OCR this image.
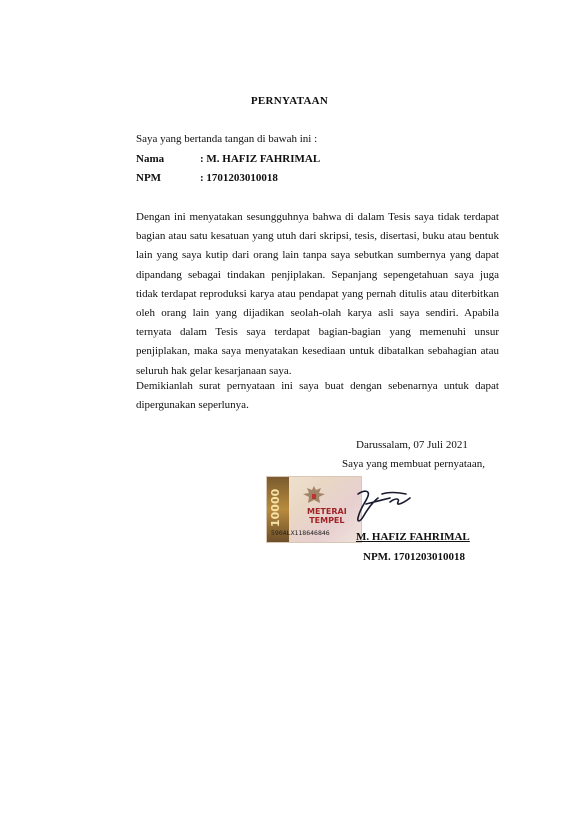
PERNYATAAN
Saya yang bertanda tangan di bawah ini :
Nama	: M. HAFIZ FAHRIMAL
NPM	: 1701203010018
Dengan ini menyatakan sesungguhnya bahwa di dalam Tesis saya tidak terdapat bagian atau satu kesatuan yang utuh dari skripsi, tesis, disertasi, buku atau bentuk lain yang saya kutip dari orang lain tanpa saya sebutkan sumbernya yang dapat dipandang sebagai tindakan penjiplakan. Sepanjang sepengetahuan saya juga tidak terdapat reproduksi karya atau pendapat yang pernah ditulis atau diterbitkan oleh orang lain yang dijadikan seolah-olah karya asli saya sendiri. Apabila ternyata dalam Tesis saya terdapat bagian-bagian yang memenuhi unsur penjiplakan, maka saya menyatakan kesediaan untuk dibatalkan sebahagian atau seluruh hak gelar kesarjanaan saya.
Demikianlah surat pernyataan ini saya buat dengan sebenarnya untuk dapat dipergunakan seperlunya.
Darussalam, 07 Juli 2021
Saya yang membuat pernyataan,
10000	METERAI
TEMPEL
590ALX118646846 M. HAFIZ FAHRIMAL
NPM. 1701203010018
